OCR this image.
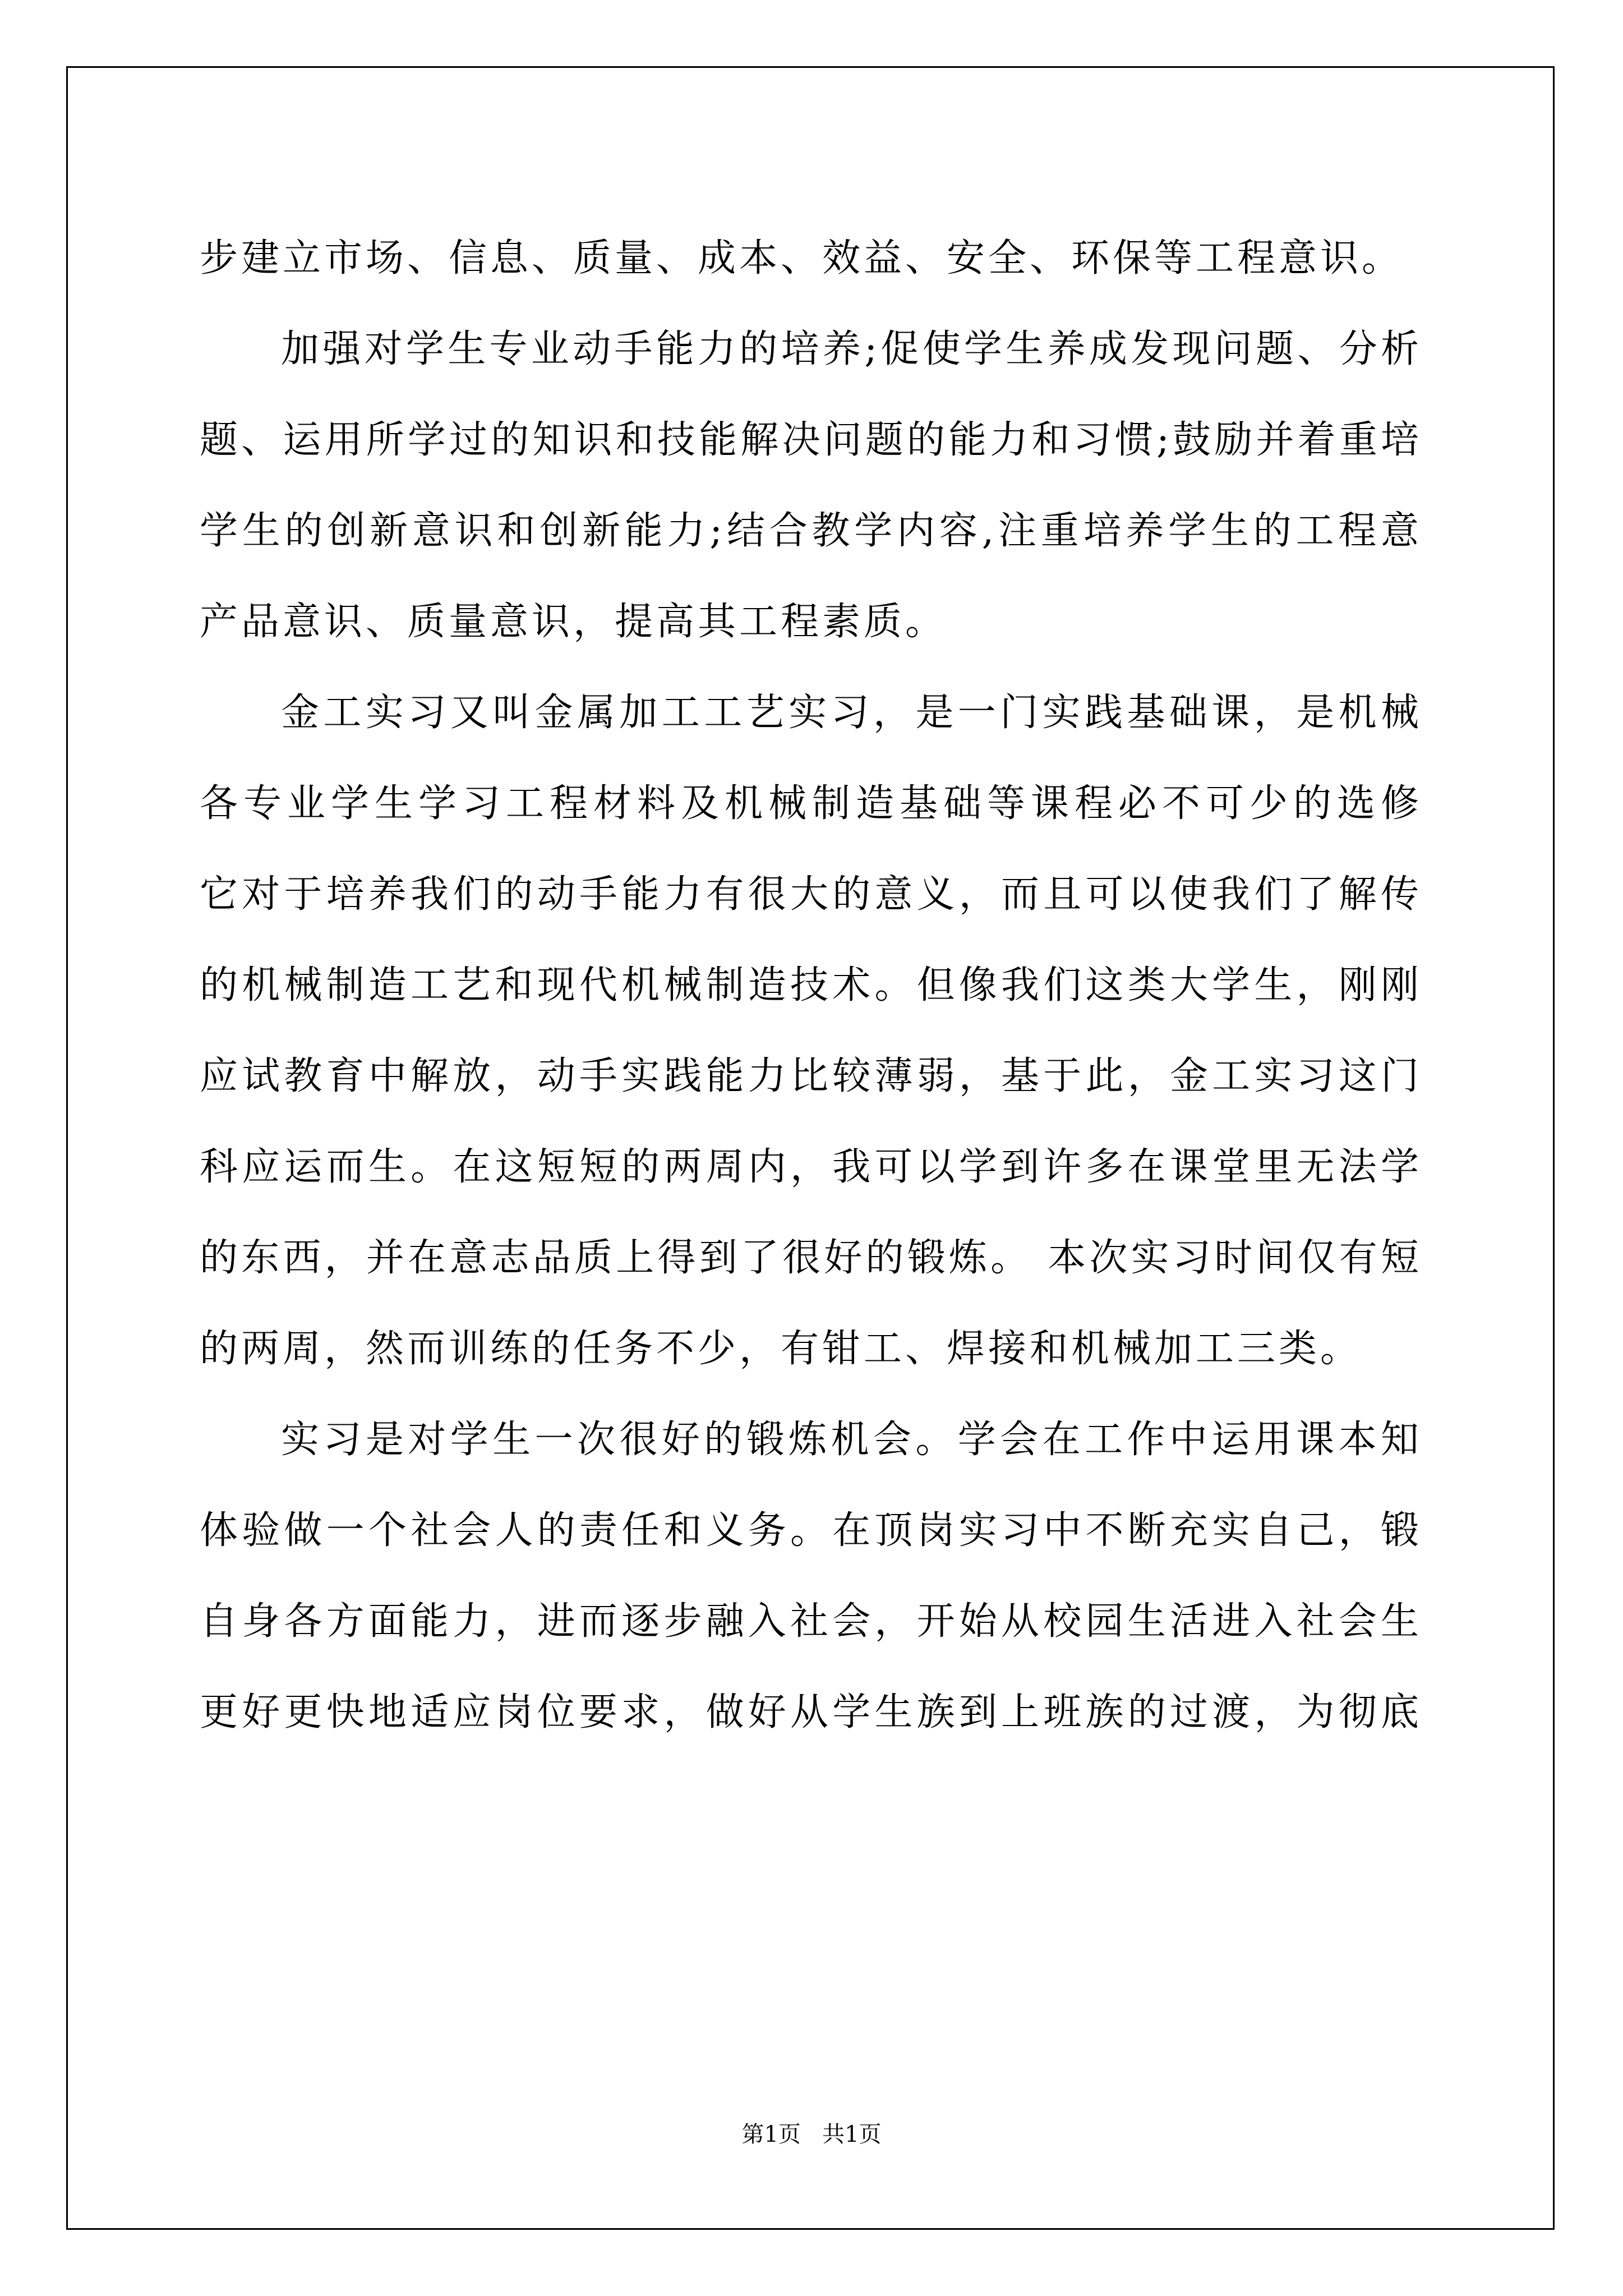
步建立市场、信息、质量、成本、效益、安全、环保等工程意识。
加强对学生专业动手能力的培养;促使学生养成发现问题、分析
题、运用所学过的知识和技能解决问题的能力和习惯;鼓励并着重培
学生的创新意识和创新能力;结合教学内容,注重培养学生的工程意
产品意识、质量意识，提高其工程素质。
金工实习又叫金属加工工艺实习，是一门实践基础课，是机械
各专业学生学习工程材料及机械制造基础等课程必不可少的选修
它对于培养我们的动手能力有很大的意义，而且可以使我们了解传
的机械制造工艺和现代机械制造技术。但像我们这类大学生，刚刚
应试教育中解放，动手实践能力比较薄弱，基于此，金工实习这门
科应运而生。在这短短的两周内，我可以学到许多在课堂里无法学
的东西，并在意志品质上得到了很好的锻炼。 本次实习时间仅有短
的两周，然而训练的任务不少，有钳工、焊接和机械加工三类。
实习是对学生一次很好的锻炼机会。学会在工作中运用课本知
体验做一个社会人的责任和义务。在顶岗实习中不断充实自己，锻
自身各方面能力，进而逐步融入社会，开始从校园生活进入社会生
更好更快地适应岗位要求，做好从学生族到上班族的过渡，为彻底
第1页 共1页
